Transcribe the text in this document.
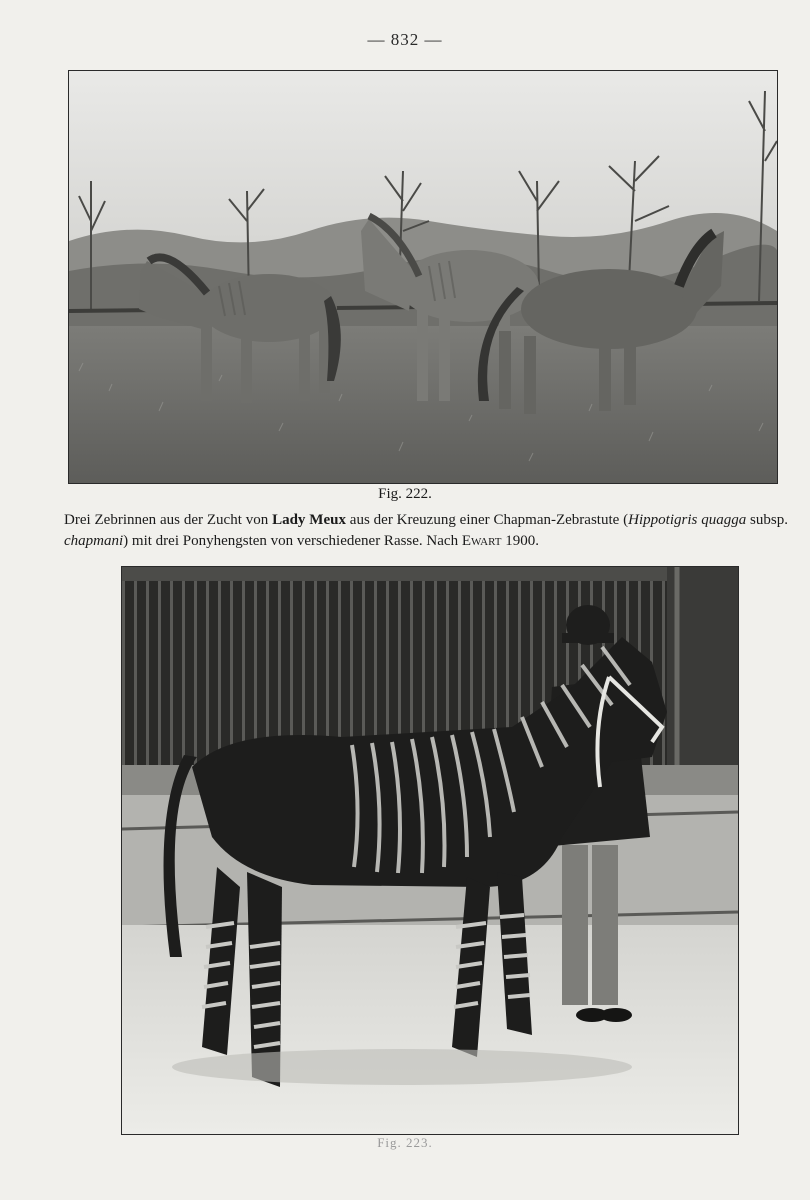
— 832 —
Fig. 222.
Drei Zebrinnen aus der Zucht von Lady Meux aus der Kreuzung einer Chapman-Zebrastute (Hippotigris quagga subsp. chapmani) mit drei Ponyhengsten von verschiedener Rasse. Nach Ewart 1900.
Fig. 223.
